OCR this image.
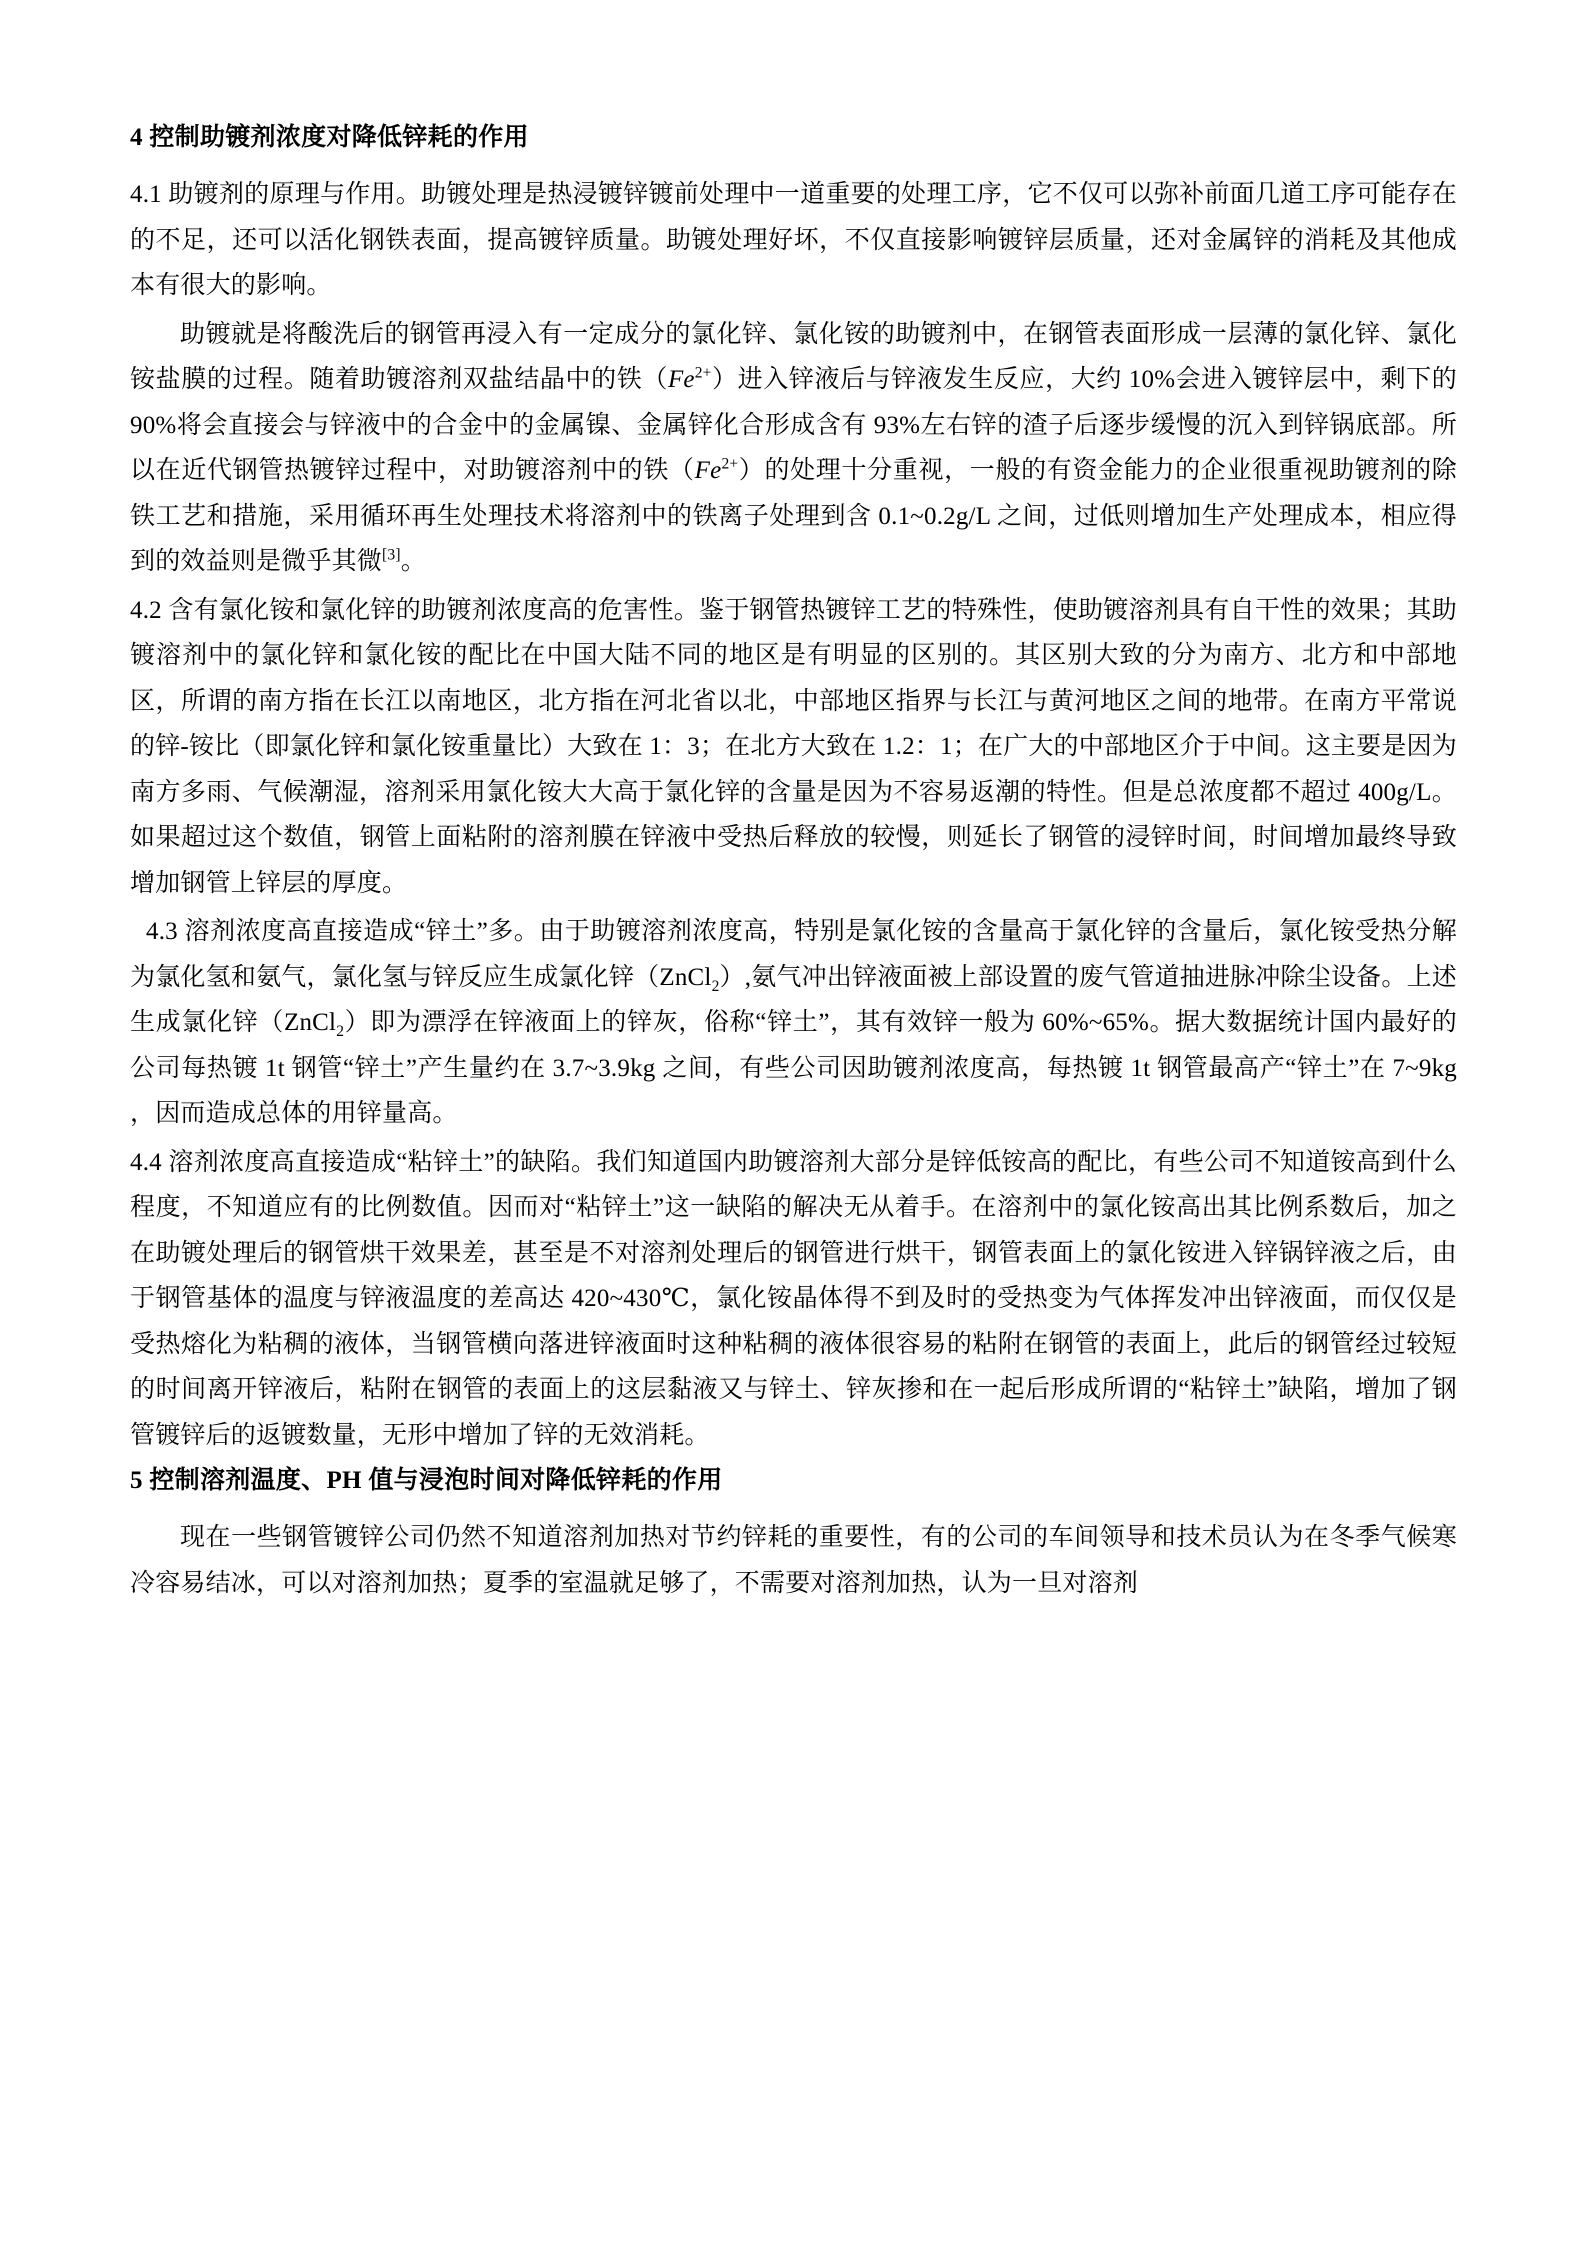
4 控制助镀剂浓度对降低锌耗的作用

4.1 助镀剂的原理与作用。助镀处理是热浸镀锌镀前处理中一道重要的处理工序，它不仅可以弥补前面几道工序可能存在的不足，还可以活化钢铁表面，提高镀锌质量。助镀处理好坏，不仅直接影响镀锌层质量，还对金属锌的消耗及其他成本有很大的影响。

助镀就是将酸洗后的钢管再浸入有一定成分的氯化锌、氯化铵的助镀剂中，在钢管表面形成一层薄的氯化锌、氯化铵盐膜的过程。随着助镀溶剂双盐结晶中的铁$(Fe^{2+})$进入锌液后与锌液发生反应，大约 10%会进入镀锌层中，剩下的 90%将会直接会与锌液中的合金中的金属镍、金属锌化合形成含有 93%左右锌的渣子后逐步缓慢的沉入到锌锅底部。所以在近代钢管热镀锌过程中，对助镀溶剂中的铁$(Fe^{2+})$的处理十分重视，一般的有资金能力的企业很重视助镀剂的除铁工艺和措施，采用循环再生处理技术将溶剂中的铁离子处理到含 0.1~0.2g/L 之间，过低则增加生产处理成本，相应得到的效益则是微乎其微[3]。

4.2 含有氯化铵和氯化锌的助镀剂浓度高的危害性。鉴于钢管热镀锌工艺的特殊性，使助镀溶剂具有自干性的效果；其助镀溶剂中的氯化锌和氯化铵的配比在中国大陆不同的地区是有明显的区别的。其区别大致的分为南方、北方和中部地区，所谓的南方指在长江以南地区，北方指在河北省以北，中部地区指界与长江与黄河地区之间的地带。在南方平常说的锌-铵比（即氯化锌和氯化铵重量比）大致在 1：3；在北方大致在 1.2：1；在广大的中部地区介于中间。这主要是因为南方多雨、气候潮湿，溶剂采用氯化铵大大高于氯化锌的含量是因为不容易返潮的特性。但是总浓度都不超过 400g/L。如果超过这个数值，钢管上面粘附的溶剂膜在锌液中受热后释放的较慢，则延长了钢管的浸锌时间，时间增加最终导致增加钢管上锌层的厚度。

4.3 溶剂浓度高直接造成“锌土”多。由于助镀溶剂浓度高，特别是氯化铵的含量高于氯化锌的含量后，氯化铵受热分解为氯化氢和氨气，氯化氢与锌反应生成氯化锌（ZnCl$_2$）,氨气冲出锌液面被上部设置的废气管道抽进脉冲除尘设备。上述生成氯化锌（ZnCl$_2$）即为漂浮在锌液面上的锌灰，俗称“锌土”，其有效锌一般为 60%~65%。据大数据统计国内最好的公司每热镀 1t 钢管“锌土”产生量约在 3.7~3.9kg 之间，有些公司因助镀剂浓度高，每热镀 1t 钢管最高产“锌土”在 7~9kg ，因而造成总体的用锌量高。

4.4 溶剂浓度高直接造成“粘锌土”的缺陷。我们知道国内助镀溶剂大部分是锌低铵高的配比，有些公司不知道铵高到什么程度，不知道应有的比例数值。因而对“粘锌土”这一缺陷的解决无从着手。在溶剂中的氯化铵高出其比例系数后，加之在助镀处理后的钢管烘干效果差，甚至是不对溶剂处理后的钢管进行烘干，钢管表面上的氯化铵进入锌锅锌液之后，由于钢管基体的温度与锌液温度的差高达 420~430℃，氯化铵晶体得不到及时的受热变为气体挥发冲出锌液面，而仅仅是受热熔化为粘稠的液体，当钢管横向落进锌液面时这种粘稠的液体很容易的粘附在钢管的表面上，此后的钢管经过较短的时间离开锌液后，粘附在钢管的表面上的这层黏液又与锌土、锌灰掺和在一起后形成所谓的“粘锌土”缺陷，增加了钢管镀锌后的返镀数量，无形中增加了锌的无效消耗。

5 控制溶剂温度、PH 值与浸泡时间对降低锌耗的作用

现在一些钢管镀锌公司仍然不知道溶剂加热对节约锌耗的重要性，有的公司的车间领导和技术员认为在冬季气候寒冷容易结冰，可以对溶剂加热；夏季的室温就足够了，不需要对溶剂加热，认为一旦对溶剂
